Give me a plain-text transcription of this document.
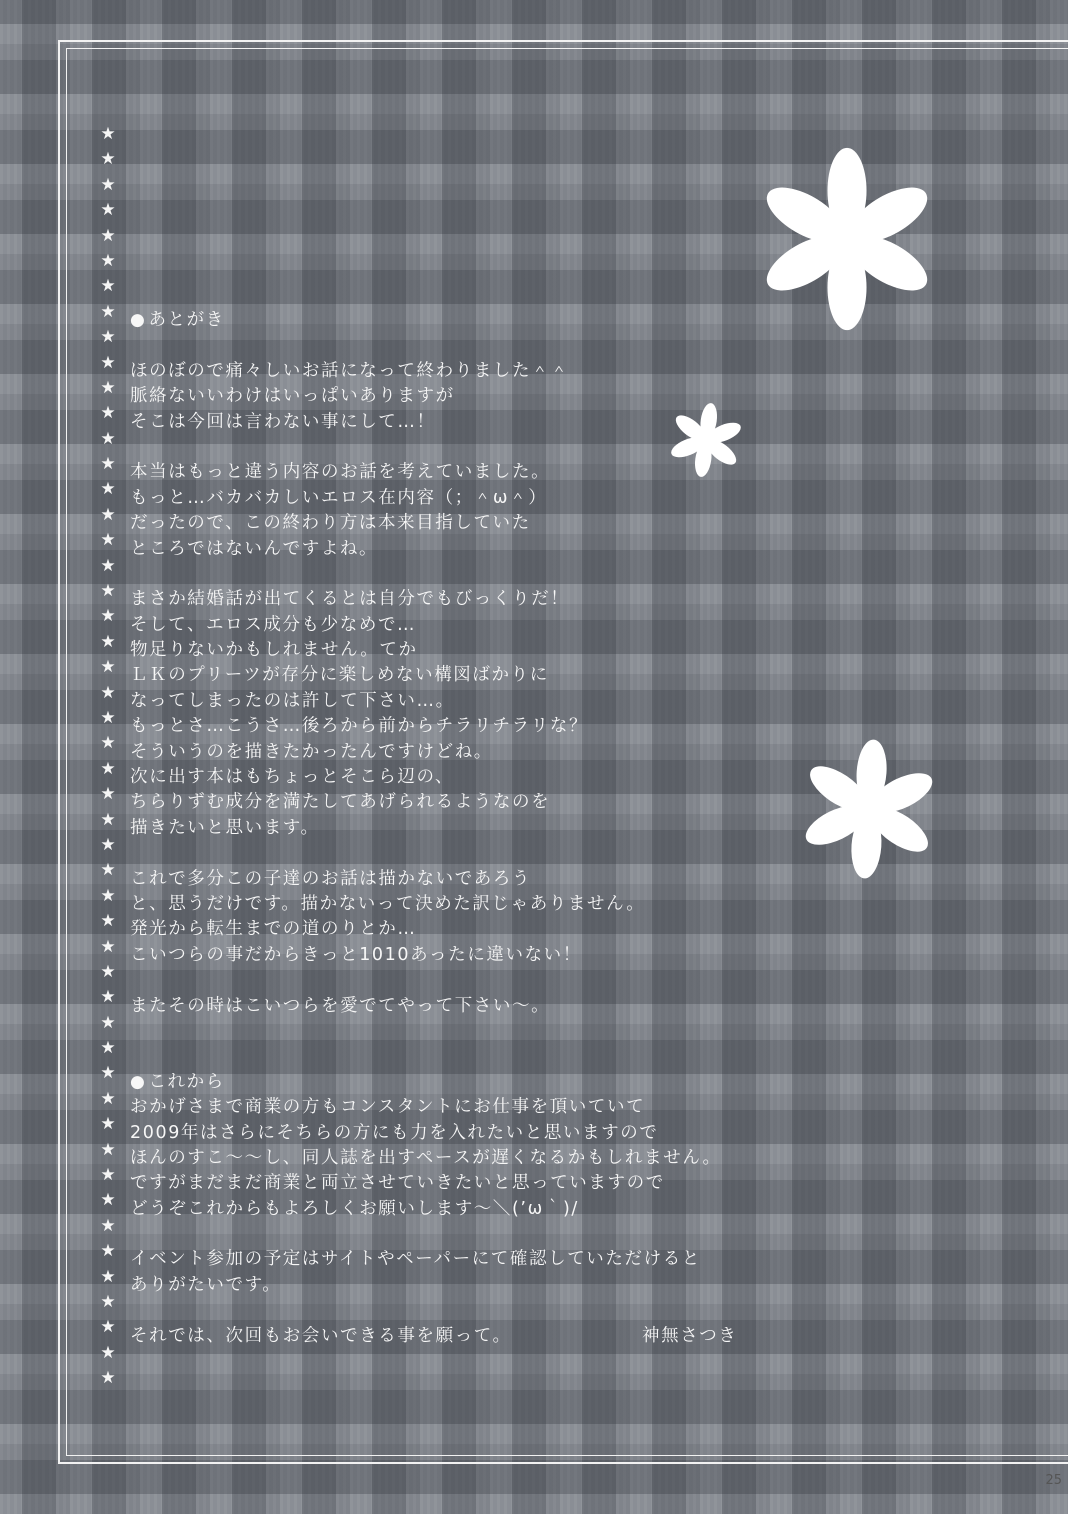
★
★
★
★
★
★
★
★
★
★
★
★
★
★
★
★
★
★
★
★
★
★
★
★
★
★
★
★
★
★
★
★
★
★
★
★
★
★
★
★
★
★
★
★
★
★
★
★
★
★
● あとがき
ほのぼので痛々しいお話になって終わりました＾＾
脈絡ないいわけはいっぱいありますが
そこは今回は言わない事にして…！
本当はもっと違う内容のお話を考えていました。
もっと…バカバカしいエロス在内容（；＾ω＾）
だったので、この終わり方は本来目指していた
ところではないんですよね。
まさか結婚話が出てくるとは自分でもびっくりだ！
そして、エロス成分も少なめで…
物足りないかもしれません。てか
ＬＫのプリーツが存分に楽しめない構図ばかりに
なってしまったのは許して下さい…。
もっとさ…こうさ…後ろから前からチラリチラリな？
そういうのを描きたかったんですけどね。
次に出す本はもちょっとそこら辺の、
ちらりずむ成分を満たしてあげられるようなのを
描きたいと思います。
これで多分この子達のお話は描かないであろう
と、思うだけです。描かないって決めた訳じゃありません。
発光から転生までの道のりとか…
こいつらの事だからきっと1010あったに違いない！
またその時はこいつらを愛でてやって下さい～。
● これから
おかげさまで商業の方もコンスタントにお仕事を頂いていて
2009年はさらにそちらの方にも力を入れたいと思いますので
ほんのすこ～～し、同人誌を出すペースが遅くなるかもしれません。
ですがまだまだ商業と両立させていきたいと思っていますので
どうぞこれからもよろしくお願いします～＼(’ω｀)/
イベント参加の予定はサイトやペーパーにて確認していただけると
ありがたいです。
それでは、次回もお会いできる事を願って。	神無さつき
25
